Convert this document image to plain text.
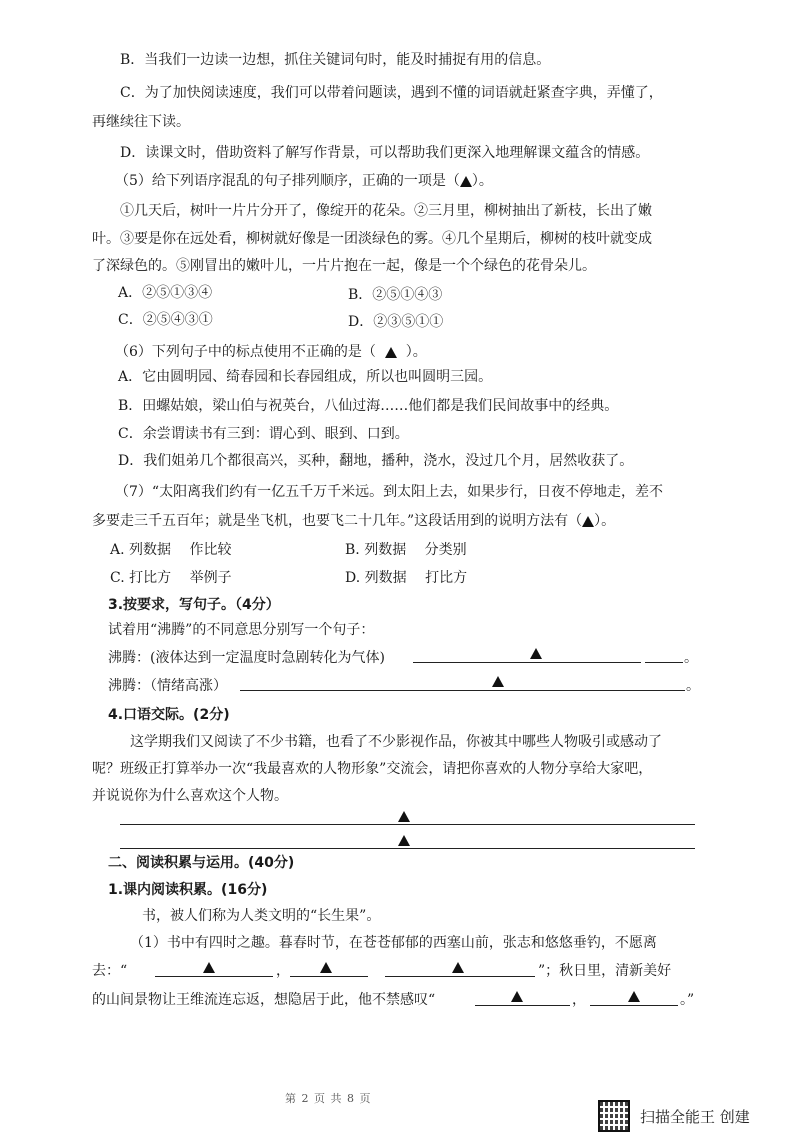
B．当我们一边读一边想，抓住关键词句时，能及时捕捉有用的信息。
C．为了加快阅读速度，我们可以带着问题读，遇到不懂的词语就赶紧查字典，弄懂了，
再继续往下读。
D．读课文时，借助资料了解写作背景，可以帮助我们更深入地理解课文蕴含的情感。
（5）给下列语序混乱的句子排列顺序，正确的一项是（ ）。
①几天后，树叶一片片分开了，像绽开的花朵。②三月里，柳树抽出了新枝，长出了嫩
叶。③要是你在远处看，柳树就好像是一团淡绿色的雾。④几个星期后，柳树的枝叶就变成
了深绿色的。⑤刚冒出的嫩叶儿，一片片抱在一起，像是一个个绿色的花骨朵儿。
A．②⑤①③④	B．②⑤①④③
C．②⑤④③①	D．②③⑤①①
（6）下列句子中的标点使用不正确的是（ ）。
A．它由圆明园、绮春园和长春园组成，所以也叫圆明三园。
B．田螺姑娘，梁山伯与祝英台，八仙过海……他们都是我们民间故事中的经典。
C．余尝谓读书有三到：谓心到、眼到、口到。
D．我们姐弟几个都很高兴，买种，翻地，播种，浇水，没过几个月，居然收获了。
（7）“太阳离我们约有一亿五千万千米远。到太阳上去，如果步行，日夜不停地走，差不
多要走三千五百年；就是坐飞机，也要飞二十几年。”这段话用到的说明方法有（ ）。
A. 列数据　 作比较	B. 列数据　 分类别
C. 打比方　 举例子	D. 列数据　 打比方
3.按要求，写句子。（4分）
试着用“沸腾”的不同意思分别写一个句子：
沸腾：(液体达到一定温度时急剧转化为气体)	。
沸腾：（情绪高涨）	。
4.口语交际。(2分)
这学期我们又阅读了不少书籍，也看了不少影视作品，你被其中哪些人物吸引或感动了
呢？班级正打算举办一次“我最喜欢的人物形象”交流会，请把你喜欢的人物分享给大家吧，
并说说你为什么喜欢这个人物。
二、阅读积累与运用。(40分)
1.课内阅读积累。(16分)
书，被人们称为人类文明的“长生果”。
（1）书中有四时之趣。暮春时节，在苍苍郁郁的西塞山前，张志和悠悠垂钓，不愿离
去：“	，	”；秋日里，清新美好
的山间景物让王维流连忘返，想隐居于此，他不禁感叹“	，	。”
第 2 页 共 8 页
扫描全能王 创建
